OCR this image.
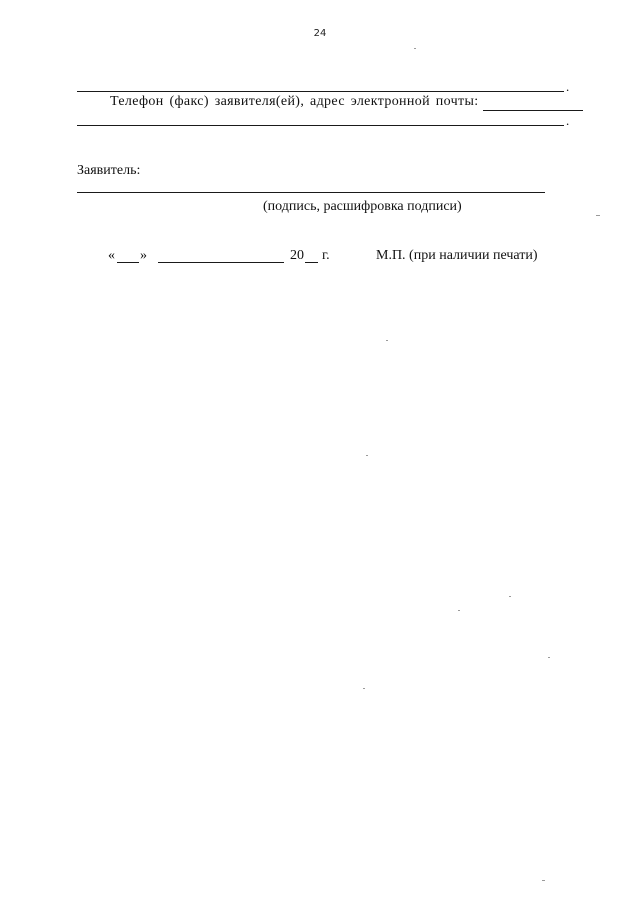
24
.
Телефон (факс) заявителя(ей), адрес электронной почты:
.
Заявитель:
(подпись, расшифровка подписи)
« »	20 г.	М.П. (при наличии печати)
